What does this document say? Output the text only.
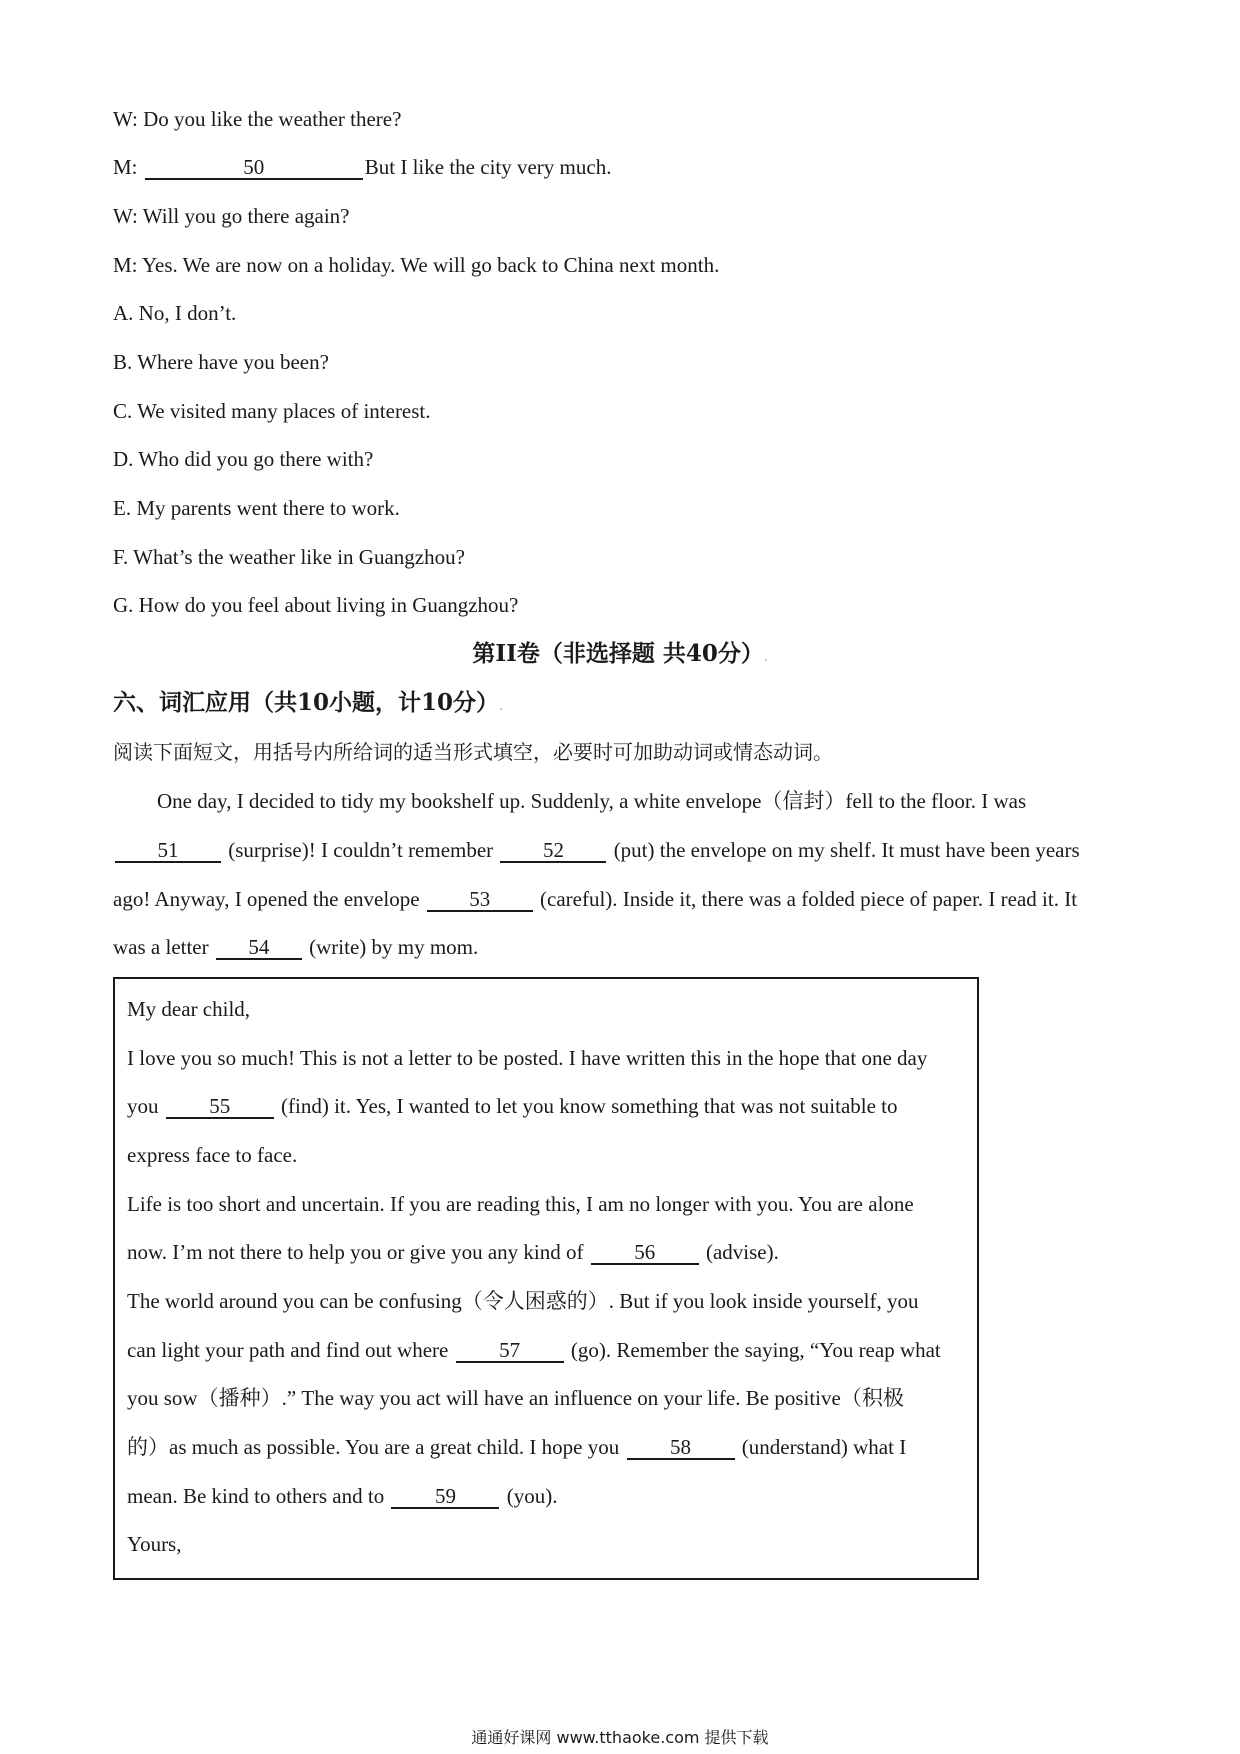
W: Do you like the weather there?
M:	50	But I like the city very much.
W: Will you go there again?
M: Yes. We are now on a holiday. We will go back to China next month.
A. No, I don’t.
B. Where have you been?
C. We visited many places of interest.
D. Who did you go there with?
E. My parents went there to work.
F. What’s the weather like in Guangzhou?
G. How do you feel about living in Guangzhou?
第II卷（非选择题 共40分）.
六、词汇应用（共10小题，计10分）.
阅读下面短文，用括号内所给词的适当形式填空，必要时可加助动词或情态动词。
One day, I decided to tidy my bookshelf up. Suddenly, a white envelope（信封）fell to the floor. I was
51 (surprise)! I couldn’t remember 52 (put) the envelope on my shelf. It must have been years
ago! Anyway, I opened the envelope 53 (careful). Inside it, there was a folded piece of paper. I read it. It
was a letter 54 (write) by my mom.
My dear child,
I love you so much! This is not a letter to be posted. I have written this in the hope that one day
you 55 (find) it. Yes, I wanted to let you know something that was not suitable to
express face to face.
Life is too short and uncertain. If you are reading this, I am no longer with you. You are alone
now. I’m not there to help you or give you any kind of 56 (advise).
The world around you can be confusing（令人困惑的）. But if you look inside yourself, you
can light your path and find out where 57 (go). Remember the saying, “You reap what
you sow（播种）.” The way you act will have an influence on your life. Be positive（积极
的）as much as possible. You are a great child. I hope you 58 (understand) what I
mean. Be kind to others and to 59 (you).
Yours,
通通好课网 www.tthaoke.com 提供下载
